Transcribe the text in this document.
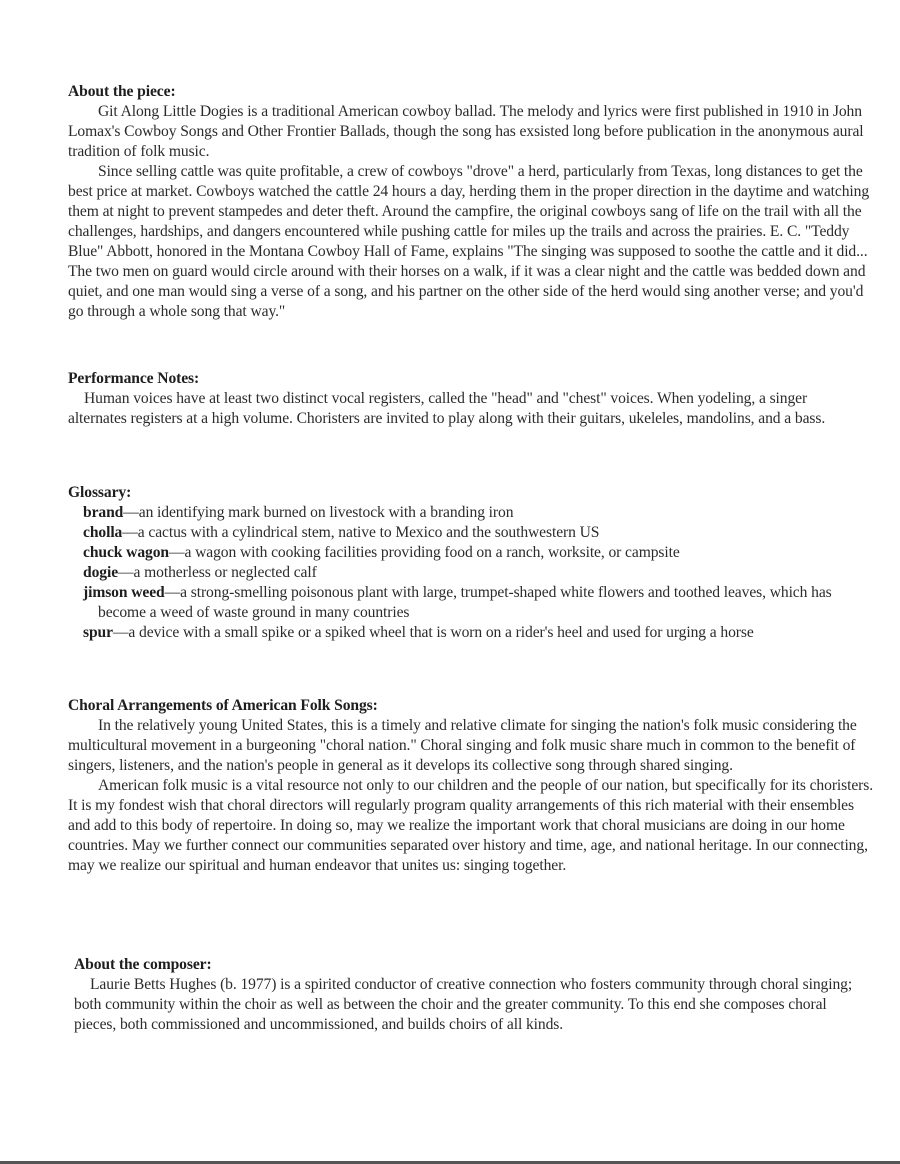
About the piece:

Git Along Little Dogies is a traditional American cowboy ballad. The melody and lyrics were first published in 1910 in John Lomax's Cowboy Songs and Other Frontier Ballads, though the song has exsisted long before publication in the anonymous aural tradition of folk music.

Since selling cattle was quite profitable, a crew of cowboys "drove" a herd, particularly from Texas, long distances to get the best price at market. Cowboys watched the cattle 24 hours a day, herding them in the proper direction in the daytime and watching them at night to prevent stampedes and deter theft. Around the campfire, the original cowboys sang of life on the trail with all the challenges, hardships, and dangers encountered while pushing cattle for miles up the trails and across the prairies. E. C. "Teddy Blue" Abbott, honored in the Montana Cowboy Hall of Fame, explains "The singing was supposed to soothe the cattle and it did... The two men on guard would circle around with their horses on a walk, if it was a clear night and the cattle was bedded down and quiet, and one man would sing a verse of a song, and his partner on the other side of the herd would sing another verse; and you'd go through a whole song that way."

Performance Notes:

Human voices have at least two distinct vocal registers, called the "head" and "chest" voices. When yodeling, a singer alternates registers at a high volume. Choristers are invited to play along with their guitars, ukeleles, mandolins, and a bass.

Glossary:

brand—an identifying mark burned on livestock with a branding iron
cholla—a cactus with a cylindrical stem, native to Mexico and the southwestern US
chuck wagon—a wagon with cooking facilities providing food on a ranch, worksite, or campsite
dogie—a motherless or neglected calf
jimson weed—a strong-smelling poisonous plant with large, trumpet-shaped white flowers and toothed leaves, which has become a weed of waste ground in many countries
spur—a device with a small spike or a spiked wheel that is worn on a rider's heel and used for urging a horse

Choral Arrangements of American Folk Songs:

In the relatively young United States, this is a timely and relative climate for singing the nation's folk music considering the multicultural movement in a burgeoning "choral nation." Choral singing and folk music share much in common to the benefit of singers, listeners, and the nation's people in general as it develops its collective song through shared singing.

American folk music is a vital resource not only to our children and the people of our nation, but specifically for its choristers. It is my fondest wish that choral directors will regularly program quality arrangements of this rich material with their ensembles and add to this body of repertoire. In doing so, may we realize the important work that choral musicians are doing in our home countries. May we further connect our communities separated over history and time, age, and national heritage. In our connecting, may we realize our spiritual and human endeavor that unites us: singing together.

About the composer:

Laurie Betts Hughes (b. 1977) is a spirited conductor of creative connection who fosters community through choral singing; both community within the choir as well as between the choir and the greater community. To this end she composes choral pieces, both commissioned and uncommissioned, and builds choirs of all kinds.
